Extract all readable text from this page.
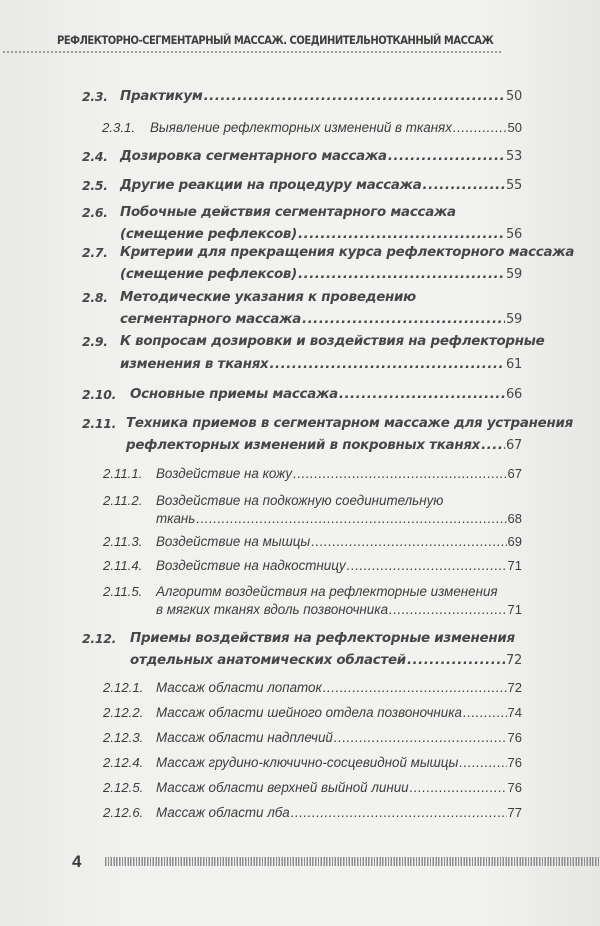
РЕФЛЕКТОРНО-СЕГМЕНТАРНЫЙ МАССАЖ. СОЕДИНИТЕЛЬНОТКАННЫЙ МАССАЖ
2.3. Практикум .....	50
2.3.1. Выявление рефлекторных изменений в тканях .....	50
2.4. Дозировка сегментарного массажа .....	53
2.5. Другие реакции на процедуру массажа .....	55
2.6. Побочные действия сегментарного массажа
(смещение рефлексов) .....	56
2.7. Критерии для прекращения курса рефлекторного массажа
(смещение рефлексов) .....	59
2.8. Методические указания к проведению
сегментарного массажа .....	59
2.9. К вопросам дозировки и воздействия на рефлекторные
изменения в тканях .....	61
2.10. Основные приемы массажа .....	66
2.11. Техника приемов в сегментарном массаже для устранения
рефлекторных изменений в покровных тканях ..... 67
2.11.1. Воздействие на кожу .....	67
2.11.2. Воздействие на подкожную соединительную
ткань .....	68
2.11.3. Воздействие на мышцы .....	69
2.11.4. Воздействие на надкостницу .....	71
2.11.5. Алгоритм воздействия на рефлекторные изменения
в мягких тканях вдоль позвоночника .....	71
2.12. Приемы воздействия на рефлекторные изменения
отдельных анатомических областей .....	72
2.12.1. Массаж области лопаток .....	72
2.12.2. Массаж области шейного отдела позвоночника .....	74
2.12.3. Массаж области надплечий .....	76
2.12.4. Массаж грудино-ключично-сосцевидной мышцы .....	76
2.12.5. Массаж области верхней выйной линии .....	76
2.12.6. Массаж области лба .....	77
4
